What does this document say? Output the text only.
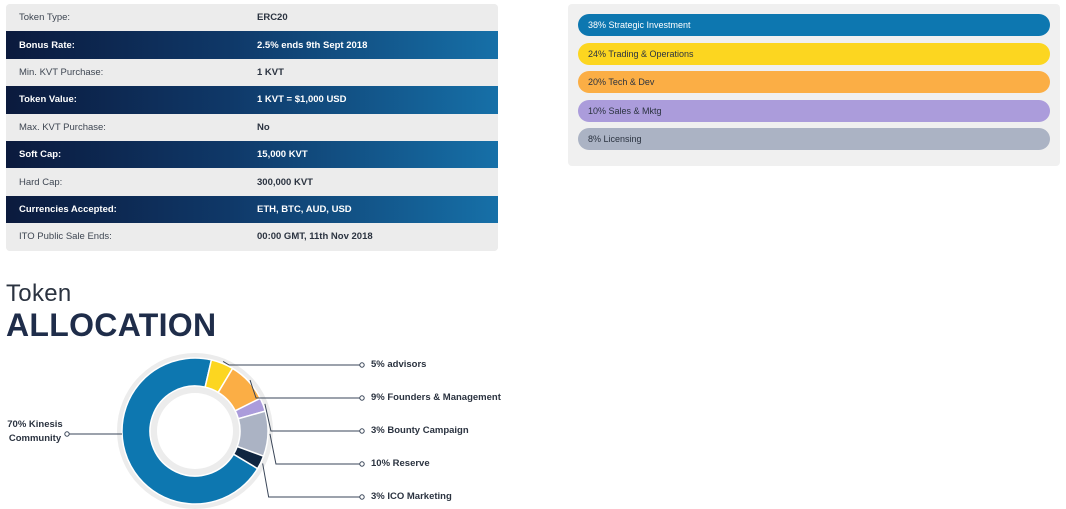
Token Type:	ERC20
Bonus Rate:	2.5% ends 9th Sept 2018
Min. KVT Purchase:	1 KVT
Token Value:	1 KVT = $1,000 USD
Max. KVT Purchase:	No
Soft Cap:	15,000 KVT
Hard Cap:	300,000 KVT
Currencies Accepted:	ETH, BTC, AUD, USD
ITO Public Sale Ends:	00:00 GMT, 11th Nov 2018
38% Strategic Investment
24% Trading & Operations
20% Tech & Dev
10% Sales & Mktg
8% Licensing
Token
ALLOCATION
70% Kinesis
Community
5% advisors
9% Founders & Management
3% Bounty Campaign
10% Reserve
3% ICO Marketing
